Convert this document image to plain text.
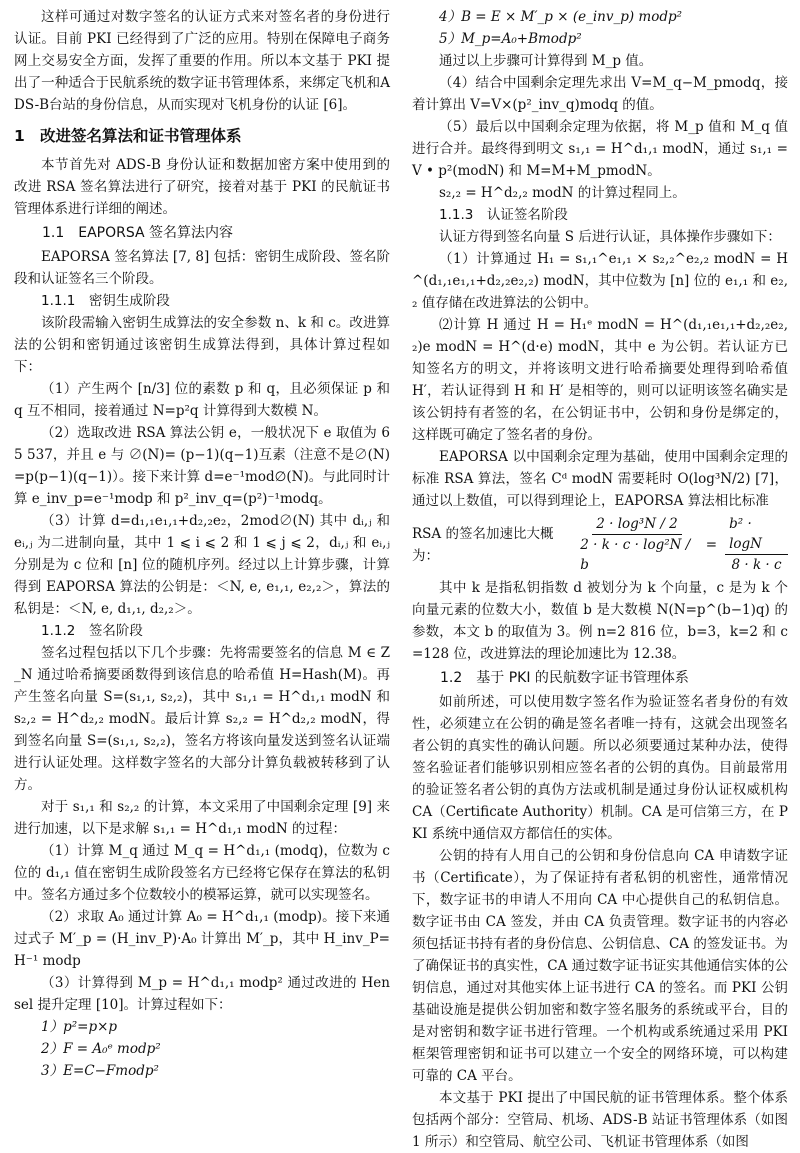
这样可通过对数字签名的认证方式来对签名者的身份进行认证。目前 PKI 已经得到了广泛的应用。特别在保障电子商务网上交易安全方面，发挥了重要的作用。所以本文基于 PKI 提出了一种适合于民航系统的数字证书管理体系，来绑定飞机和ADS-B台站的身份信息，从而实现对飞机身份的认证 [6]。

1 改进签名算法和证书管理体系

本节首先对 ADS-B 身份认证和数据加密方案中使用到的改进 RSA 签名算法进行了研究，接着对基于 PKI 的民航证书管理体系进行详细的阐述。

1.1　EAPORSA 签名算法内容

EAPORSA 签名算法 [7, 8] 包括：密钥生成阶段、签名阶段和认证签名三个阶段。

1.1.1　密钥生成阶段

该阶段需输入密钥生成算法的安全参数 n、k 和 c。改进算法的公钥和密钥通过该密钥生成算法得到，具体计算过程如下：

（1）产生两个 [n/3] 位的素数 p 和 q，且必须保证 p 和 q 互不相同，接着通过 N=p²q 计算得到大数模 N。

（2）选取改进 RSA 算法公钥 e，一般状况下 e 取值为 65 537，并且 e 与 ∅(N)= (p−1)(q−1)互素（注意不是∅(N)=p(p−1)(q−1)）。接下来计算 d=e⁻¹mod∅(N)。与此同时计算 e_inv_p=e⁻¹modp 和 p²_inv_q=(p²)⁻¹modq。

（3）计算 d=d₁,₁e₁,₁+d₂,₂e₂，2mod∅(N) 其中 dᵢ,ⱼ 和 eᵢ,ⱼ 为二进制向量，其中 1 ⩽ i ⩽ 2 和 1 ⩽ j ⩽ 2，dᵢ,ⱼ 和 eᵢ,ⱼ 分别是为 c 位和 [n] 位的随机序列。经过以上计算步骤，计算得到 EAPORSA 算法的公钥是：＜N, e, e₁,₁, e₂,₂＞，算法的私钥是：＜N, e, d₁,₁, d₂,₂＞。

1.1.2　签名阶段

签名过程包括以下几个步骤：先将需要签名的信息 M ∈ Z_N 通过哈希摘要函数得到该信息的哈希值 H=Hash(M)。再产生签名向量 S=(s₁,₁, s₂,₂)，其中 s₁,₁ = H^d₁,₁ modN 和 s₂,₂ = H^d₂,₂ modN。最后计算 s₂,₂ = H^d₂,₂ modN，得到签名向量 S=(s₁,₁, s₂,₂)，签名方将该向量发送到签名认证端进行认证处理。这样数字签名的大部分计算负载被转移到了认方。

对于 s₁,₁ 和 s₂,₂ 的计算，本文采用了中国剩余定理 [9] 来进行加速，以下是求解 s₁,₁ = H^d₁,₁ modN 的过程：

（1）计算 M_q 通过 M_q = H^d₁,₁ (modq)，位数为 c 位的 d₁,₁ 值在密钥生成阶段签名方已经将它保存在算法的私钥中。签名方通过多个位数较小的模幂运算，就可以实现签名。

（2）求取 A₀ 通过计算 A₀ = H^d₁,₁ (modp)。接下来通过式子 M′_p = (H_inv_P)·A₀ 计算出 M′_p，其中 H_inv_P=H⁻¹ modp

（3）计算得到 M_p = H^d₁,₁ modp² 通过改进的 Hensel 提升定理 [10]。计算过程如下：

1）p²=p×p

2）F = A₀ᵉ modp²

3）E=C−Fmodp²

4）B = E × M′_p × (e_inv_p) modp²

5）M_p=A₀+Bmodp²

通过以上步骤可计算得到 M_p 值。

（4）结合中国剩余定理先求出 V=M_q−M_pmodq，接着计算出 V=V×(p²_inv_q)modq 的值。

（5）最后以中国剩余定理为依据，将 M_p 值和 M_q 值进行合并。最终得到明文 s₁,₁ = H^d₁,₁ modN，通过 s₁,₁ = V • p²(modN) 和 M=M+M_pmodN。

s₂,₂ = H^d₂,₂ modN 的计算过程同上。

1.1.3　认证签名阶段

认证方得到签名向量 S 后进行认证，具体操作步骤如下：

（1）计算通过 H₁ = s₁,₁^e₁,₁ × s₂,₂^e₂,₂ modN = H^(d₁,₁e₁,₁+d₂,₂e₂,₂) modN，其中位数为 [n] 位的 e₁,₁ 和 e₂,₂ 值存储在改进算法的公钥中。

⑵计算 H 通过 H = H₁ᵉ modN = H^(d₁,₁e₁,₁+d₂,₂e₂,₂)e modN = H^(d·e) modN，其中 e 为公钥。若认证方已知签名方的明文，并将该明文进行哈希摘要处理得到哈希值 H′，若认证得到 H 和 H′ 是相等的，则可以证明该签名确实是该公钥持有者签的名，在公钥证书中，公钥和身份是绑定的，这样既可确定了签名者的身份。

EAPORSA 以中国剩余定理为基础，使用中国剩余定理的标准 RSA 算法，签名 Cᵈ modN 需要耗时 O(log³N/2) [7]，通过以上数值，可以得到理论上，EAPORSA 算法相比标准

RSA 的签名加速比大概为：	$\frac{\text{2 · log³N / 2}}{\text{2 · k · c · log²N / b}} = \frac{\text{b² · logN}}{8 \cdot k \cdot c}$

其中 k 是指私钥指数 d 被划分为 k 个向量，c 是为 k 个向量元素的位数大小，数值 b 是大数模 N(N=p^(b−1)q) 的参数，本文 b 的取值为 3。例 n=2 816 位，b=3，k=2 和 c=128 位，改进算法的理论加速比为 12.38。

1.2　基于 PKI 的民航数字证书管理体系

如前所述，可以使用数字签名作为验证签名者身份的有效性，必须建立在公钥的确是签名者唯一持有，这就会出现签名者公钥的真实性的确认问题。所以必须要通过某种办法，使得签名验证者们能够识别相应签名者的公钥的真伪。目前最常用的验证签名者公钥的真伪方法或机制是通过身份认证权威机构 CA（Certificate Authority）机制。CA 是可信第三方，在 PKI 系统中通信双方都信任的实体。

公钥的持有人用自己的公钥和身份信息向 CA 申请数字证书（Certificate），为了保证持有者私钥的机密性，通常情况下，数字证书的申请人不用向 CA 中心提供自己的私钥信息。数字证书由 CA 签发，并由 CA 负责管理。数字证书的内容必须包括证书持有者的身份信息、公钥信息、CA 的签发证书。为了确保证书的真实性，CA 通过数字证书证实其他通信实体的公钥信息，通过对其他实体上证书进行 CA 的签名。而 PKI 公钥基础设施是提供公钥加密和数字签名服务的系统或平台，目的是对密钥和数字证书进行管理。一个机构或系统通过采用 PKI 框架管理密钥和证书可以建立一个安全的网络环境，可以构建可靠的 CA 平台。

本文基于 PKI 提出了中国民航的证书管理体系。整个体系包括两个部分：空管局、机场、ADS-B 站证书管理体系（如图 1 所示）和空管局、航空公司、飞机证书管理体系（如图
